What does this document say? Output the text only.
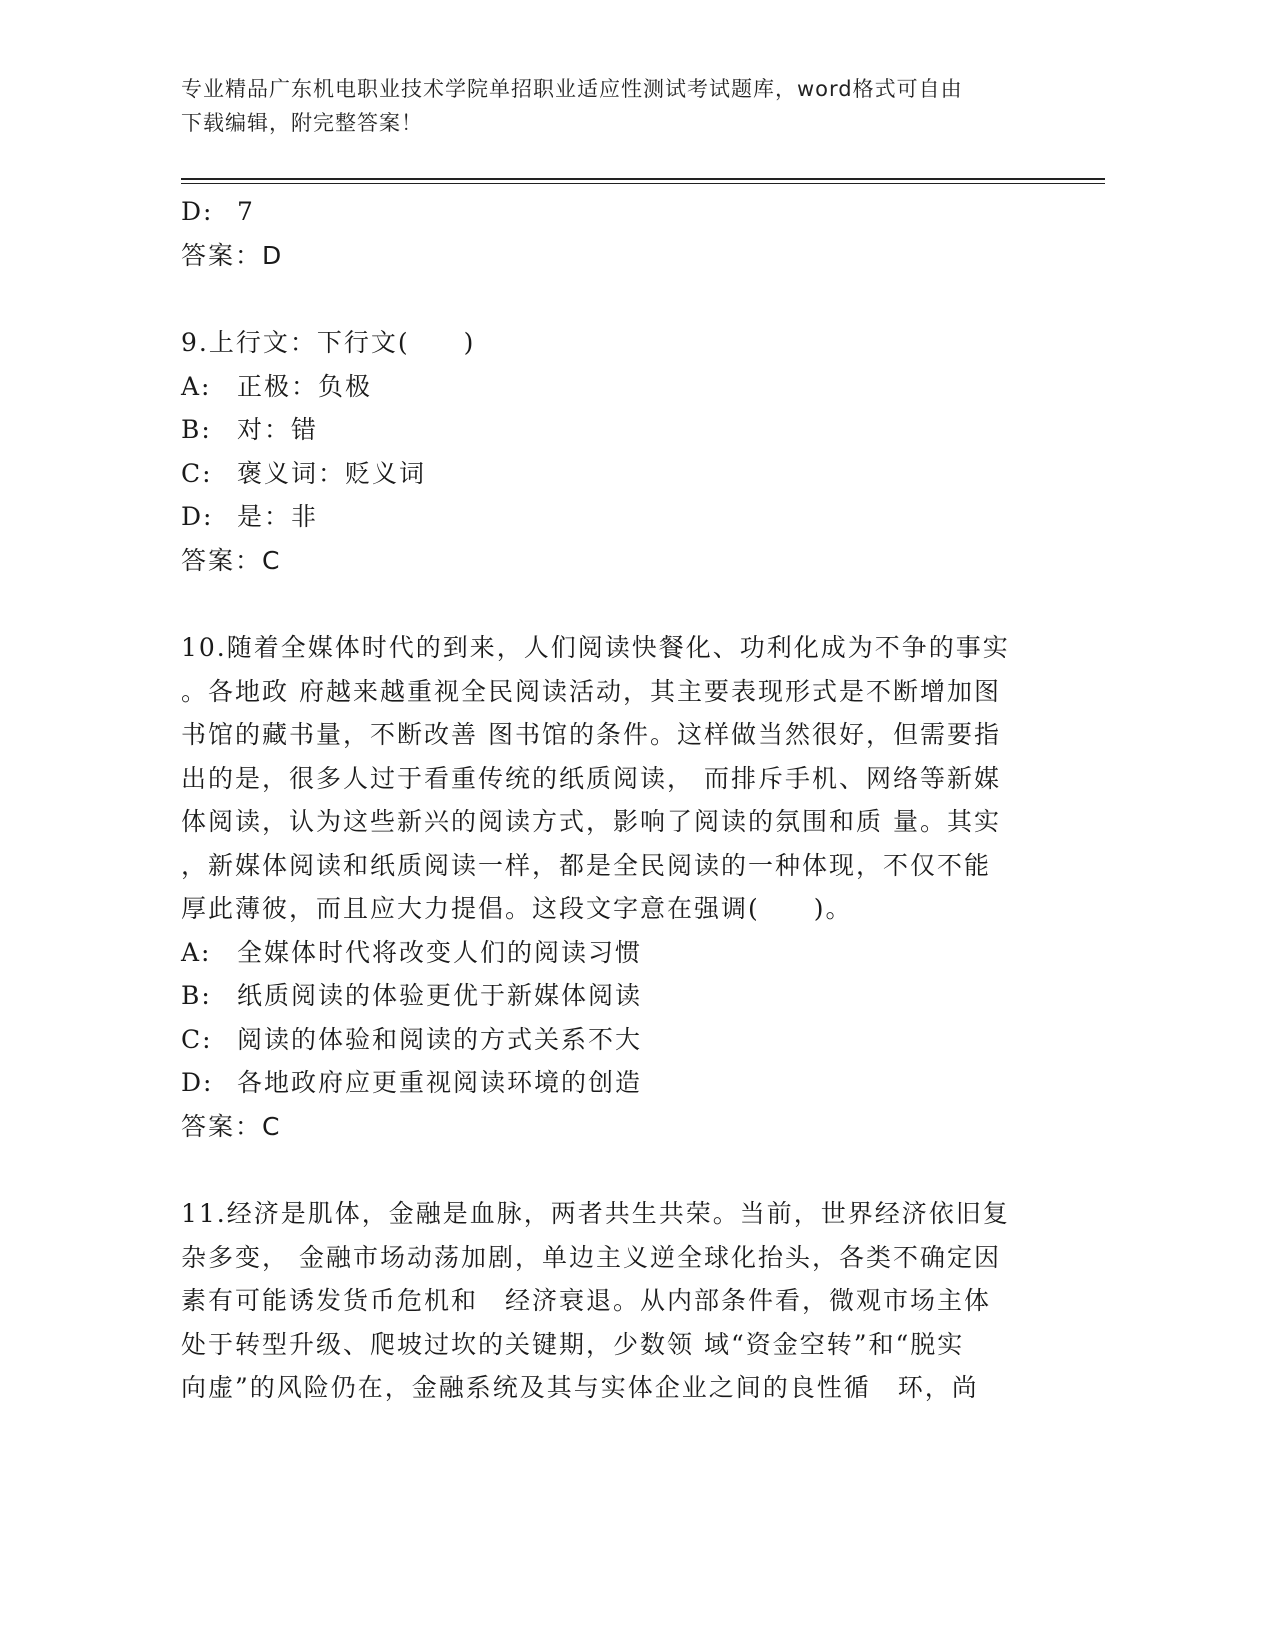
专业精品广东机电职业技术学院单招职业适应性测试考试题库，word格式可自由
下载编辑，附完整答案！
D: 7
答案：D
9.上行文：下行文(　　)
A: 正极：负极
B: 对：错
C: 褒义词：贬义词
D: 是：非
答案：C
10.随着全媒体时代的到来，人们阅读快餐化、功利化成为不争的事实
。各地政 府越来越重视全民阅读活动，其主要表现形式是不断增加图
书馆的藏书量，不断改善 图书馆的条件。这样做当然很好，但需要指
出的是，很多人过于看重传统的纸质阅读， 而排斥手机、网络等新媒
体阅读，认为这些新兴的阅读方式，影响了阅读的氛围和质 量。其实
，新媒体阅读和纸质阅读一样，都是全民阅读的一种体现，不仅不能
厚此薄彼，而且应大力提倡。这段文字意在强调(　　)。
A: 全媒体时代将改变人们的阅读习惯
B: 纸质阅读的体验更优于新媒体阅读
C: 阅读的体验和阅读的方式关系不大
D: 各地政府应更重视阅读环境的创造
答案：C
11.经济是肌体，金融是血脉，两者共生共荣。当前，世界经济依旧复
杂多变， 金融市场动荡加剧，单边主义逆全球化抬头，各类不确定因
素有可能诱发货币危机和　经济衰退。从内部条件看，微观市场主体
处于转型升级、爬坡过坎的关键期，少数领 域“资金空转”和“脱实
向虚”的风险仍在，金融系统及其与实体企业之间的良性循　环，尚
